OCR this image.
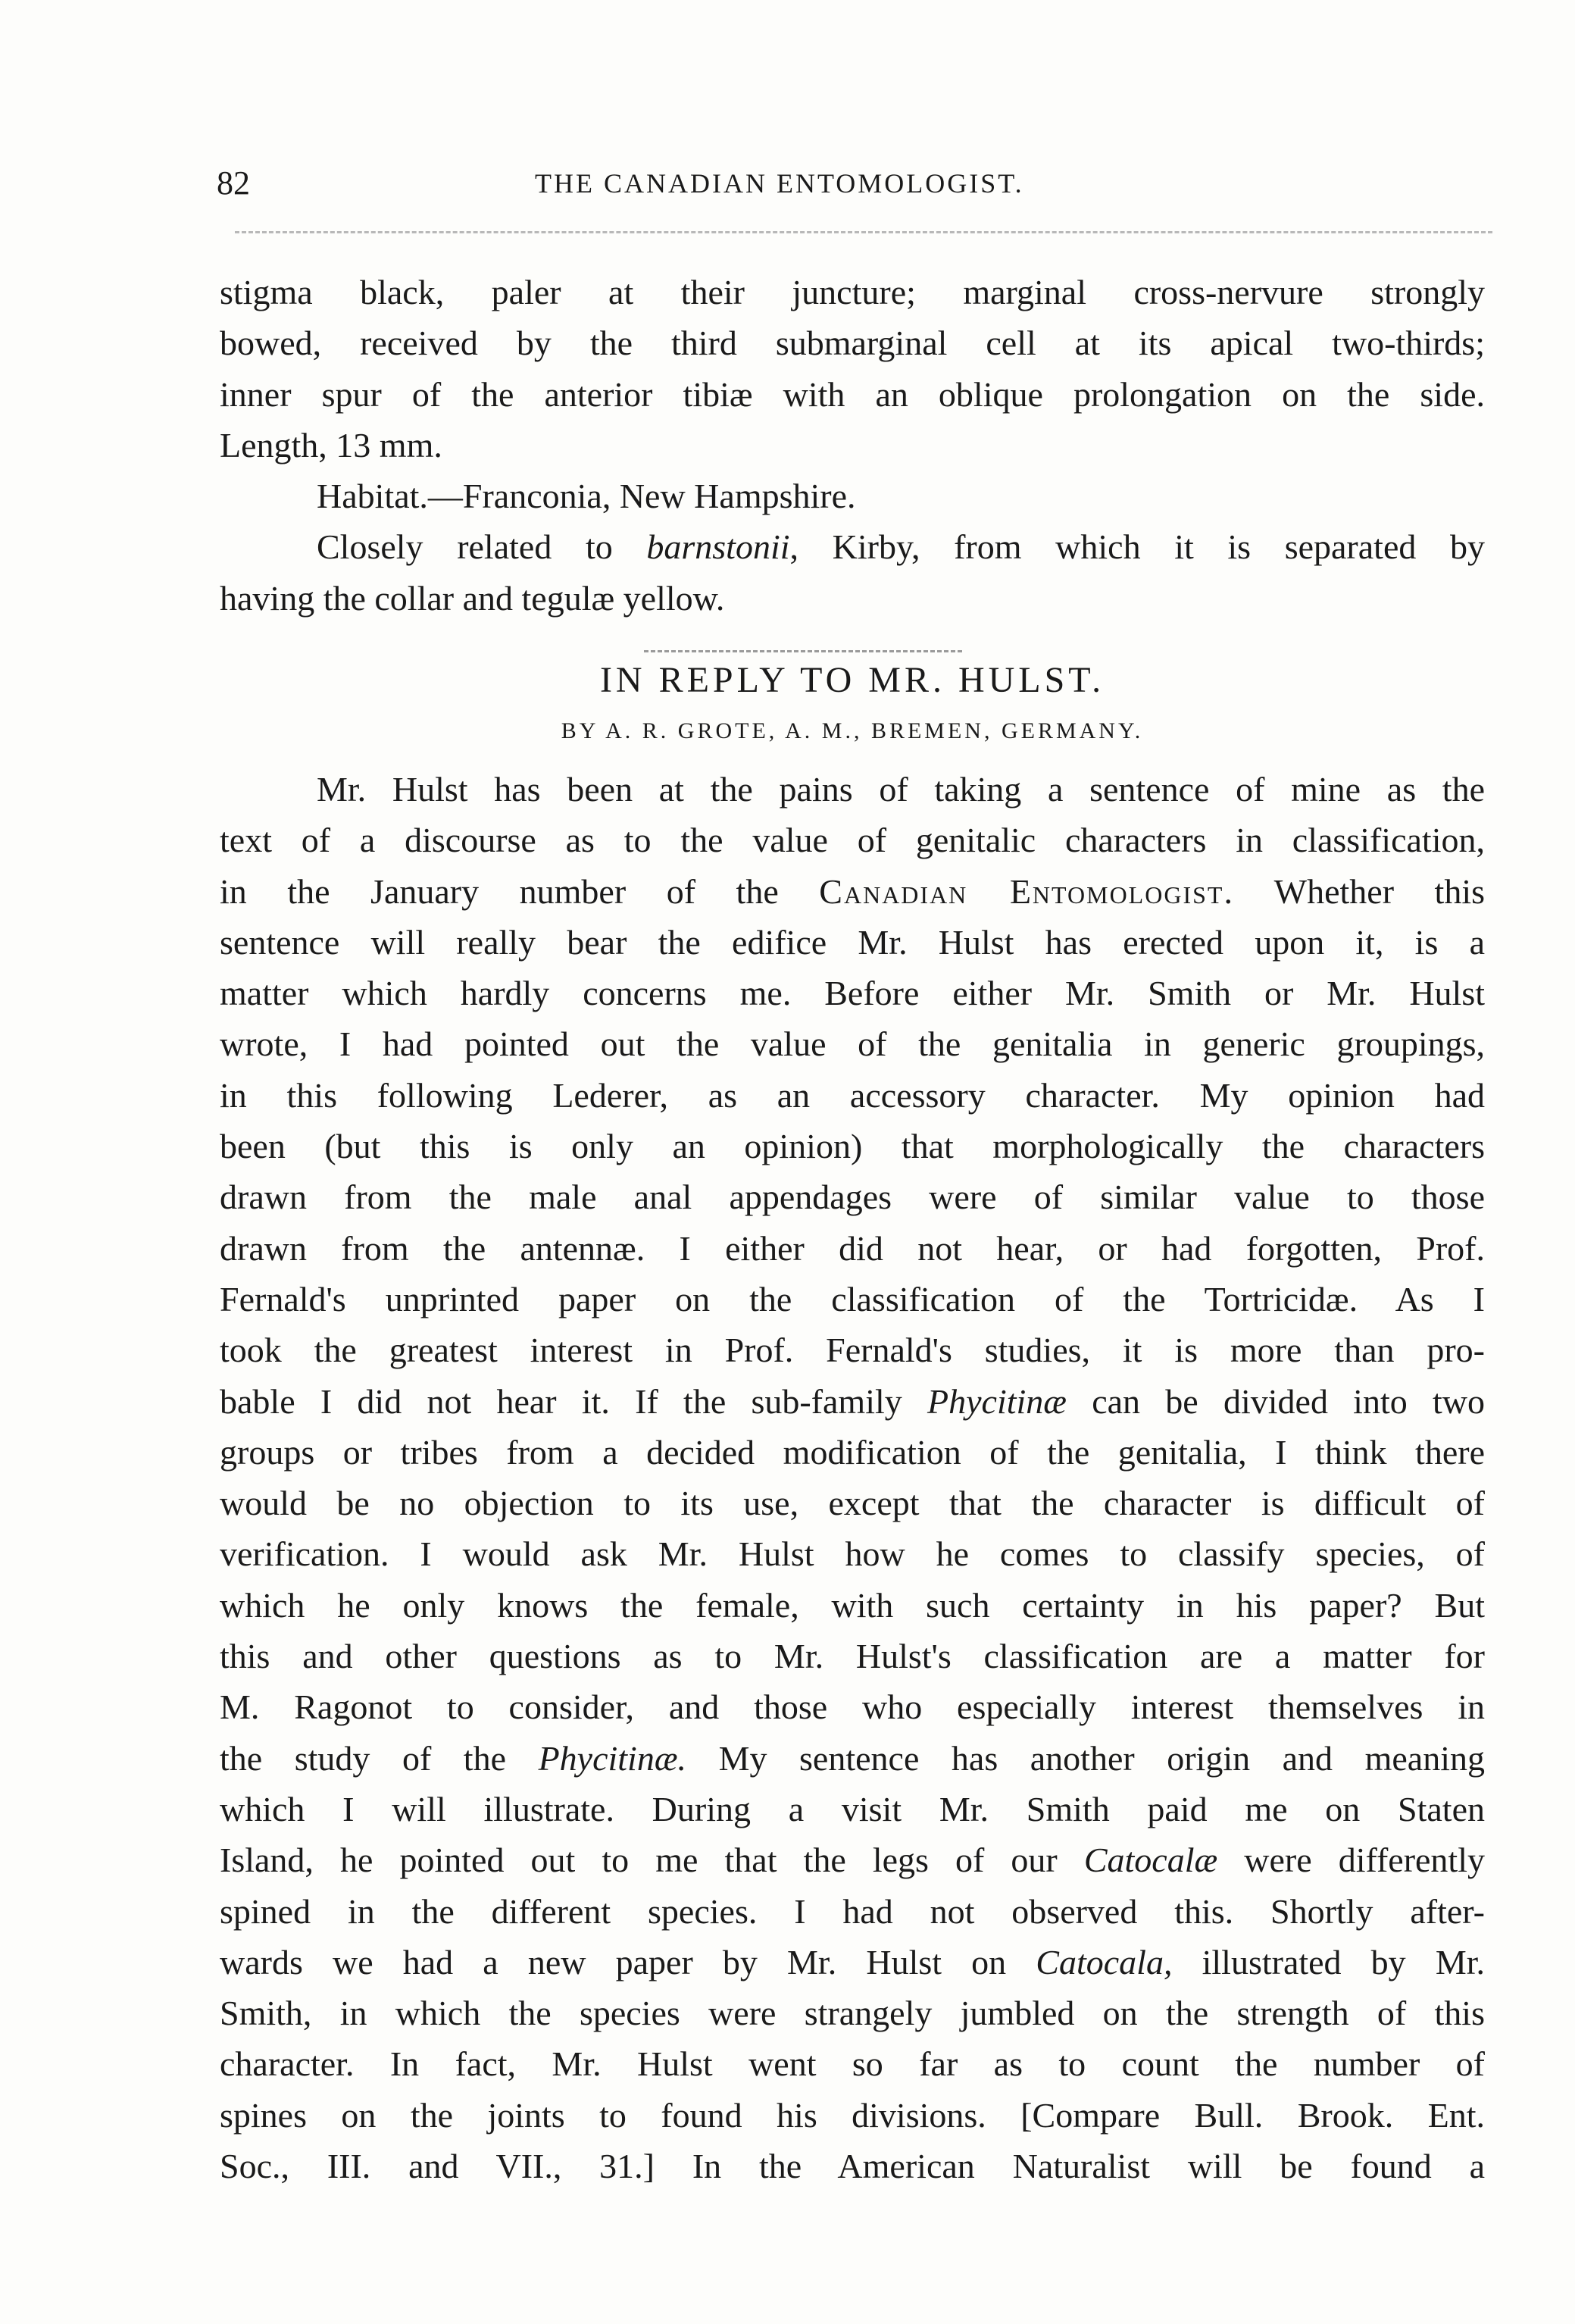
82	THE CANADIAN ENTOMOLOGIST.
stigma black, paler at their juncture; marginal cross-nervure strongly
bowed, received by the third submarginal cell at its apical two-thirds;
inner spur of the anterior tibiæ with an oblique prolongation on the side.
Length, 13 mm.
Habitat.—Franconia, New Hampshire.
Closely related to barnstonii, Kirby, from which it is separated by
having the collar and tegulæ yellow.
IN REPLY TO MR. HULST.
BY A. R. GROTE, A. M., BREMEN, GERMANY.
Mr. Hulst has been at the pains of taking a sentence of mine as the
text of a discourse as to the value of genitalic characters in classification,
in the January number of the Canadian Entomologist. Whether this
sentence will really bear the edifice Mr. Hulst has erected upon it, is a
matter which hardly concerns me. Before either Mr. Smith or Mr. Hulst
wrote, I had pointed out the value of the genitalia in generic groupings,
in this following Lederer, as an accessory character. My opinion had
been (but this is only an opinion) that morphologically the characters
drawn from the male anal appendages were of similar value to those
drawn from the antennæ. I either did not hear, or had forgotten, Prof.
Fernald's unprinted paper on the classification of the Tortricidæ. As I
took the greatest interest in Prof. Fernald's studies, it is more than pro-
bable I did not hear it. If the sub-family Phycitinæ can be divided into two
groups or tribes from a decided modification of the genitalia, I think there
would be no objection to its use, except that the character is difficult of
verification. I would ask Mr. Hulst how he comes to classify species, of
which he only knows the female, with such certainty in his paper? But
this and other questions as to Mr. Hulst's classification are a matter for
M. Ragonot to consider, and those who especially interest themselves in
the study of the Phycitinæ. My sentence has another origin and meaning
which I will illustrate. During a visit Mr. Smith paid me on Staten
Island, he pointed out to me that the legs of our Catocalæ were differently
spined in the different species. I had not observed this. Shortly after-
wards we had a new paper by Mr. Hulst on Catocala, illustrated by Mr.
Smith, in which the species were strangely jumbled on the strength of this
character. In fact, Mr. Hulst went so far as to count the number of
spines on the joints to found his divisions. [Compare Bull. Brook. Ent.
Soc., III. and VII., 31.] In the American Naturalist will be found a
